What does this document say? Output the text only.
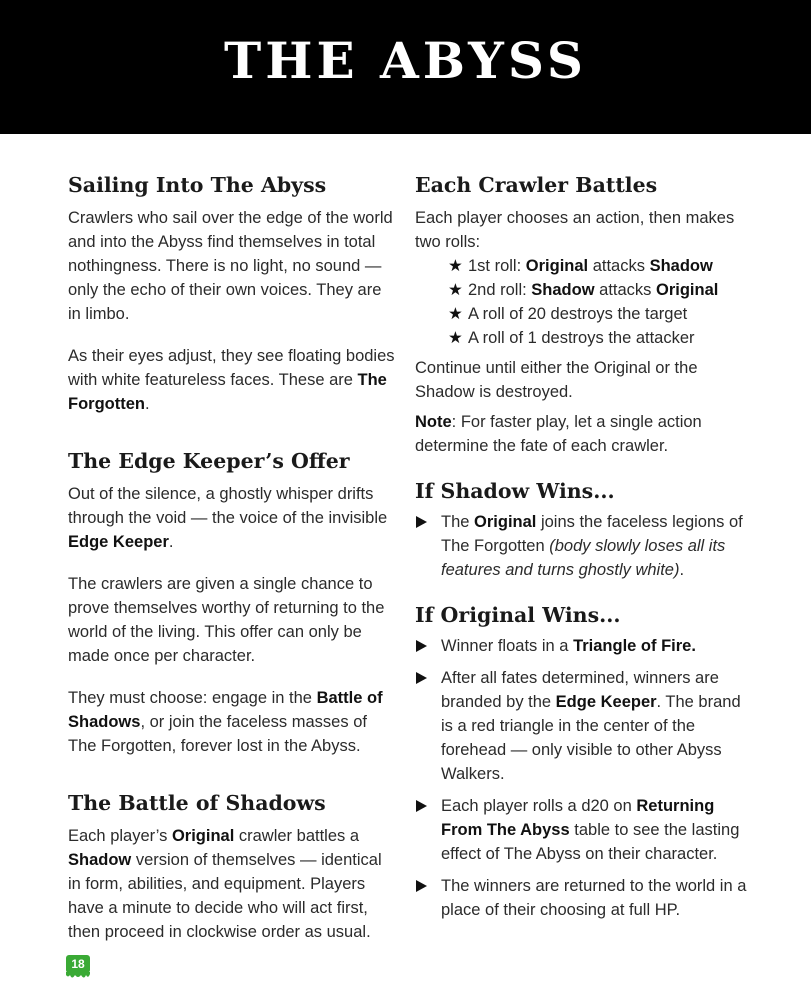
THE ABYSS
Sailing Into The Abyss

Crawlers who sail over the edge of the world and into the Abyss find themselves in total nothingness. There is no light, no sound — only the echo of their own voices. They are in limbo.

As their eyes adjust, they see floating bodies with white featureless faces. These are The Forgotten.

The Edge Keeper’s Offer

Out of the silence, a ghostly whisper drifts through the void — the voice of the invisible Edge Keeper.

The crawlers are given a single chance to prove themselves worthy of returning to the world of the living. This offer can only be made once per character.

They must choose: engage in the Battle of Shadows, or join the faceless masses of The Forgotten, forever lost in the Abyss.

The Battle of Shadows

Each player’s Original crawler battles a Shadow version of themselves — identical in form, abilities, and equipment. Players have a minute to decide who will act first, then proceed in clockwise order as usual.

Each Crawler Battles

Each player chooses an action, then makes two rolls:

★ 1st roll: Original attacks Shadow
★ 2nd roll: Shadow attacks Original
★ A roll of 20 destroys the target
★ A roll of 1 destroys the attacker

Continue until either the Original or the Shadow is destroyed.

Note: For faster play, let a single action determine the fate of each crawler.

If Shadow Wins...
The Original joins the faceless legions of The Forgotten (body slowly loses all its features and turns ghostly white).
If Original Wins...
Winner floats in a Triangle of Fire.
After all fates determined, winners are branded by the Edge Keeper. The brand is a red triangle in the center of the forehead — only visible to other Abyss Walkers.
Each player rolls a d20 on Returning From The Abyss table to see the lasting effect of The Abyss on their character.
The winners are returned to the world in a place of their choosing at full HP.
18
